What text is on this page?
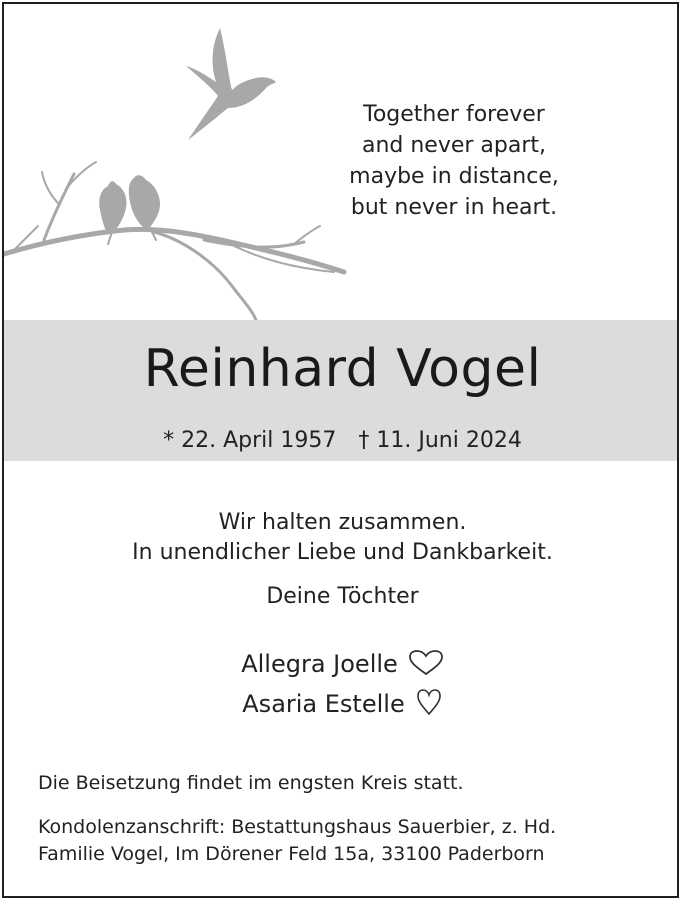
Together forever
and never apart,
maybe in distance,
but never in heart.
Reinhard Vogel
* 22. April 1957 † 11. Juni 2024
Wir halten zusammen.
In unendlicher Liebe und Dankbarkeit.
Deine Töchter
Allegra Joelle
Asaria Estelle
Die Beisetzung findet im engsten Kreis statt.
Kondolenzanschrift: Bestattungshaus Sauerbier, z. Hd.
Familie Vogel, Im Dörener Feld 15a, 33100 Paderborn
